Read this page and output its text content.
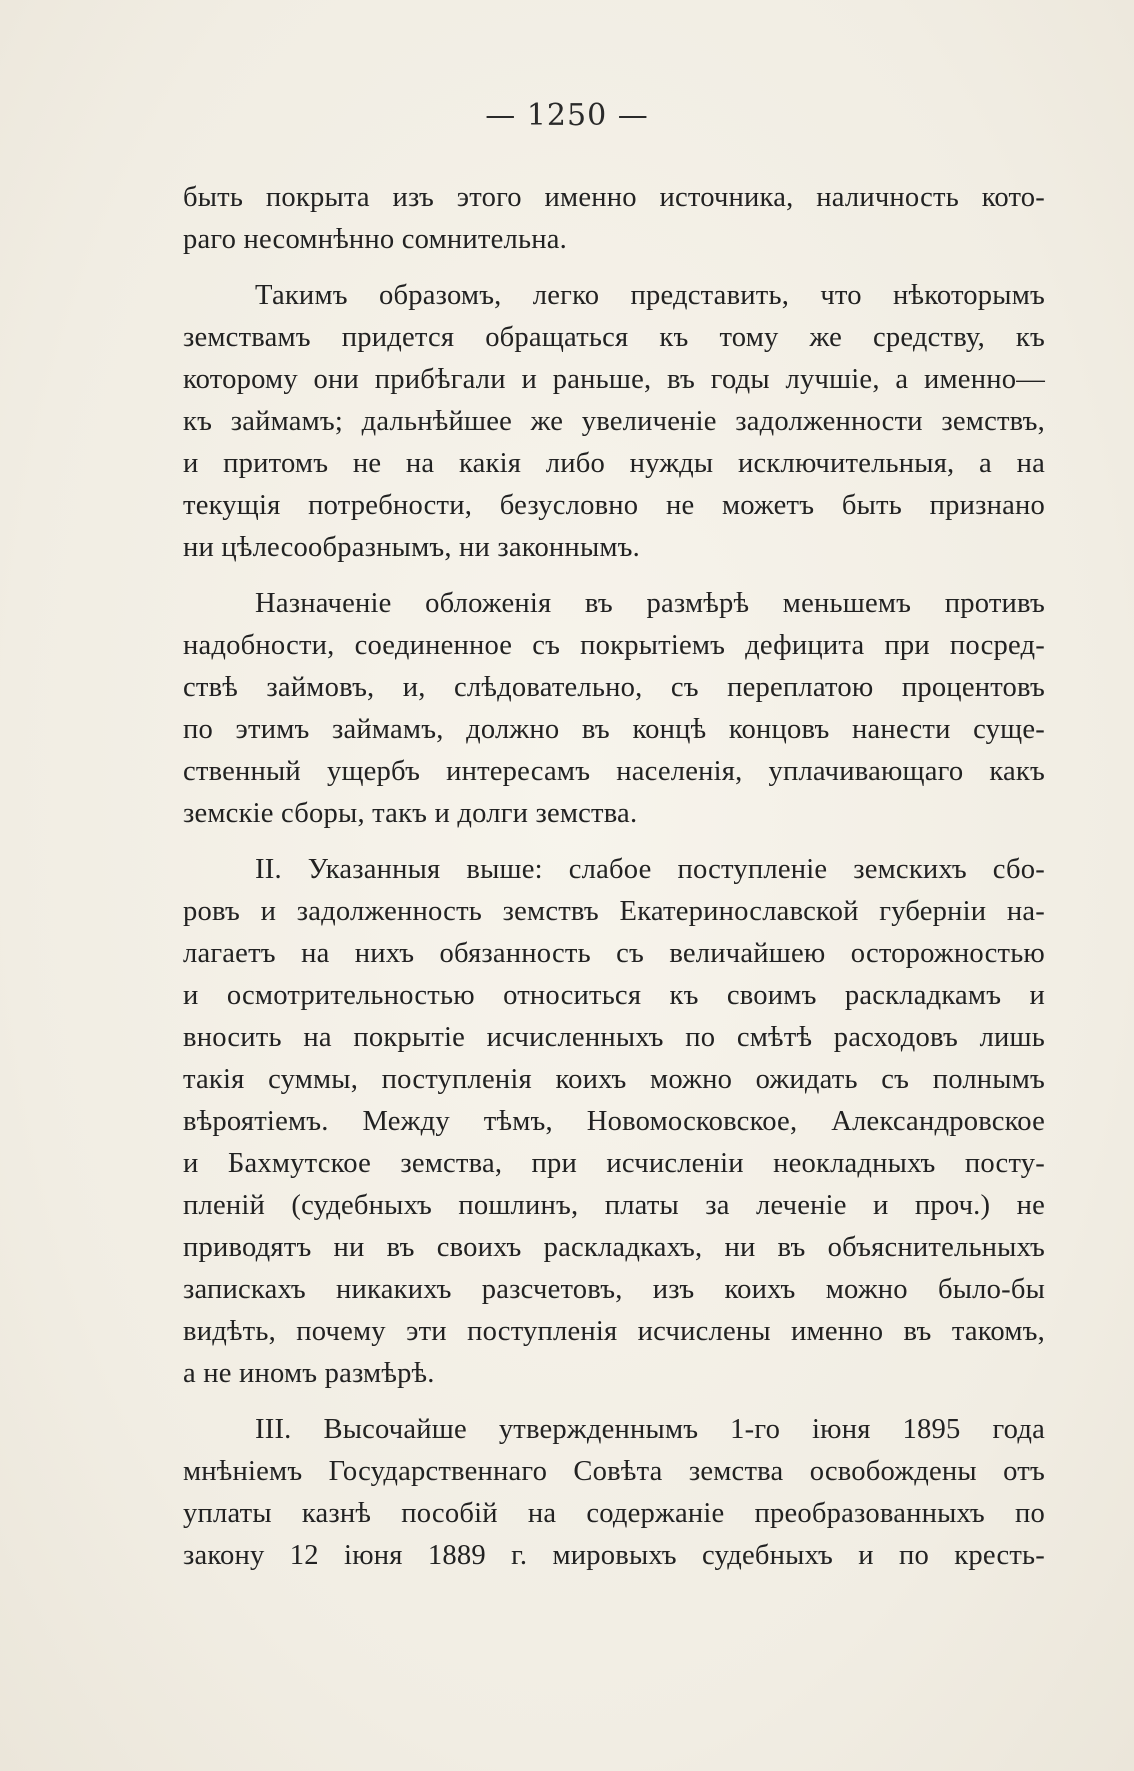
— 1250 —
быть покрыта изъ этого именно источника, наличность кото-
раго несомнѣнно сомнительна.
Такимъ образомъ, легко представить, что нѣкоторымъ
земствамъ придется обращаться къ тому же средству, къ
которому они прибѣгали и раньше, въ годы лучшіе, а именно—
къ займамъ; дальнѣйшее же увеличеніе задолженности земствъ,
и притомъ не на какія либо нужды исключительныя, а на
текущія потребности, безусловно не можетъ быть признано
ни цѣлесообразнымъ, ни законнымъ.
Назначеніе обложенія въ размѣрѣ меньшемъ противъ
надобности, соединенное съ покрытіемъ дефицита при посред-
ствѣ займовъ, и, слѣдовательно, съ переплатою процентовъ
по этимъ займамъ, должно въ концѣ концовъ нанести суще-
ственный ущербъ интересамъ населенія, уплачивающаго какъ
земскіе сборы, такъ и долги земства.
II. Указанныя выше: слабое поступленіе земскихъ сбо-
ровъ и задолженность земствъ Екатеринославской губерніи на-
лагаетъ на нихъ обязанность съ величайшею осторожностью
и осмотрительностью относиться къ своимъ раскладкамъ и
вносить на покрытіе исчисленныхъ по смѣтѣ расходовъ лишь
такія суммы, поступленія коихъ можно ожидать съ полнымъ
вѣроятіемъ. Между тѣмъ, Новомосковское, Александровское
и Бахмутское земства, при исчисленіи неокладныхъ посту-
пленій (судебныхъ пошлинъ, платы за леченіе и проч.) не
приводятъ ни въ своихъ раскладкахъ, ни въ объяснительныхъ
запискахъ никакихъ разсчетовъ, изъ коихъ можно было-бы
видѣть, почему эти поступленія исчислены именно въ такомъ,
а не иномъ размѣрѣ.
III. Высочайше утвержденнымъ 1-го іюня 1895 года
мнѣніемъ Государственнаго Совѣта земства освобождены отъ
уплаты казнѣ пособій на содержаніе преобразованныхъ по
закону 12 іюня 1889 г. мировыхъ судебныхъ и по кресть-
